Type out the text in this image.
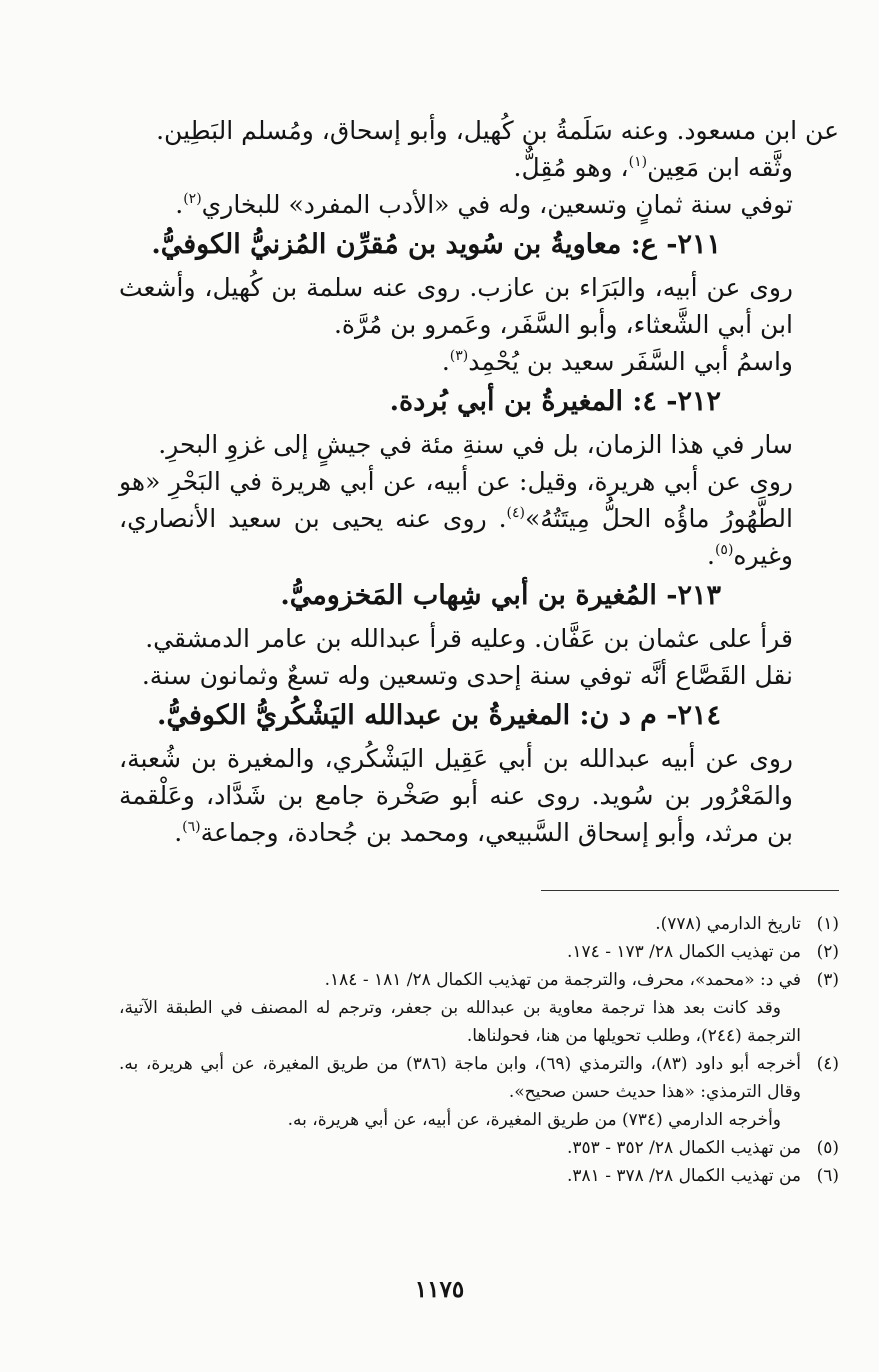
عن ابن مسعود. وعنه سَلَمةُ بن كُهيل، وأبو إسحاق، ومُسلم البَطِين.

وثَّقه ابن مَعِين$^{(١)}$، وهو مُقِلٌّ.

توفي سنة ثمانٍ وتسعين، وله في «الأدب المفرد» للبخاري$^{(٢)}$.

٢١١- ع: معاويةُ بن سُويد بن مُقرِّن المُزنيُّ الكوفيُّ.

روى عن أبيه، والبَرَاء بن عازب. روى عنه سلمة بن كُهيل، وأشعث ابن أبي الشَّعثاء، وأبو السَّفَر، وعَمرو بن مُرَّة.

واسمُ أبي السَّفَر سعيد بن يُحْمِد$^{(٣)}$.

٢١٢- ٤: المغيرةُ بن أبي بُردة.

سار في هذا الزمان، بل في سنةِ مئة في جيشٍ إلى غزوِ البحرِ.

روى عن أبي هريرة، وقيل: عن أبيه، عن أبي هريرة في البَحْرِ «هو الطَّهُورُ ماؤُه الحلُّ مِيتَتُهُ»$^{(٤)}$. روى عنه يحيى بن سعيد الأنصاري، وغيره$^{(٥)}$.

٢١٣- المُغيرة بن أبي شِهاب المَخزوميُّ.

قرأ على عثمان بن عَفَّان. وعليه قرأ عبدالله بن عامر الدمشقي.

نقل القَصَّاع أنَّه توفي سنة إحدى وتسعين وله تسعٌ وثمانون سنة.

٢١٤- م د ن: المغيرةُ بن عبدالله اليَشْكُريُّ الكوفيُّ.

روى عن أبيه عبدالله بن أبي عَقِيل اليَشْكُري، والمغيرة بن شُعبة، والمَعْرُور بن سُويد. روى عنه أبو صَخْرة جامع بن شَدَّاد، وعَلْقمة بن مرثد، وأبو إسحاق السَّبيعي، ومحمد بن جُحادة، وجماعة$^{(٦)}$.

(١)
تاريخ الدارمي (٧٧٨).

(٢)
من تهذيب الكمال ٢٨/ ١٧٣ - ١٧٤.

(٣)
في د: «محمد»، محرف، والترجمة من تهذيب الكمال ٢٨/ ١٨١ - ١٨٤.

وقد كانت بعد هذا ترجمة معاوية بن عبدالله بن جعفر، وترجم له المصنف في الطبقة الآتية، الترجمة (٢٤٤)، وطلب تحويلها من هنا، فحولناها.

(٤)
أخرجه أبو داود (٨٣)، والترمذي (٦٩)، وابن ماجة (٣٨٦) من طريق المغيرة، عن أبي هريرة، به. وقال الترمذي: «هذا حديث حسن صحيح».

وأخرجه الدارمي (٧٣٤) من طريق المغيرة، عن أبيه، عن أبي هريرة، به.

(٥)
من تهذيب الكمال ٢٨/ ٣٥٢ - ٣٥٣.

(٦)
من تهذيب الكمال ٢٨/ ٣٧٨ - ٣٨١.

١١٧٥
